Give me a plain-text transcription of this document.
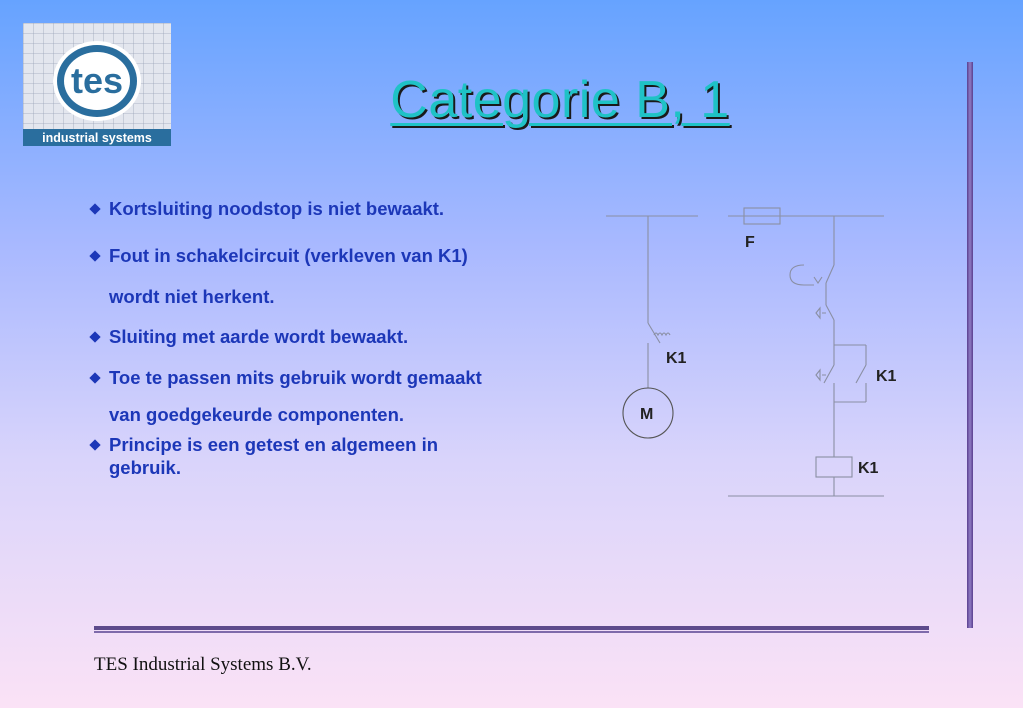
tes
industrial systems
Categorie B, 1
Kortsluiting noodstop is niet bewaakt.
Fout in schakelcircuit (verkleven van K1)
wordt niet herkent.
Sluiting met aarde wordt bewaakt.
Toe te passen mits gebruik wordt gemaakt
van goedgekeurde componenten.
Principe is een getest en algemeen in
gebruik.
F
K1
M
K1
K1
TES Industrial Systems B.V.
